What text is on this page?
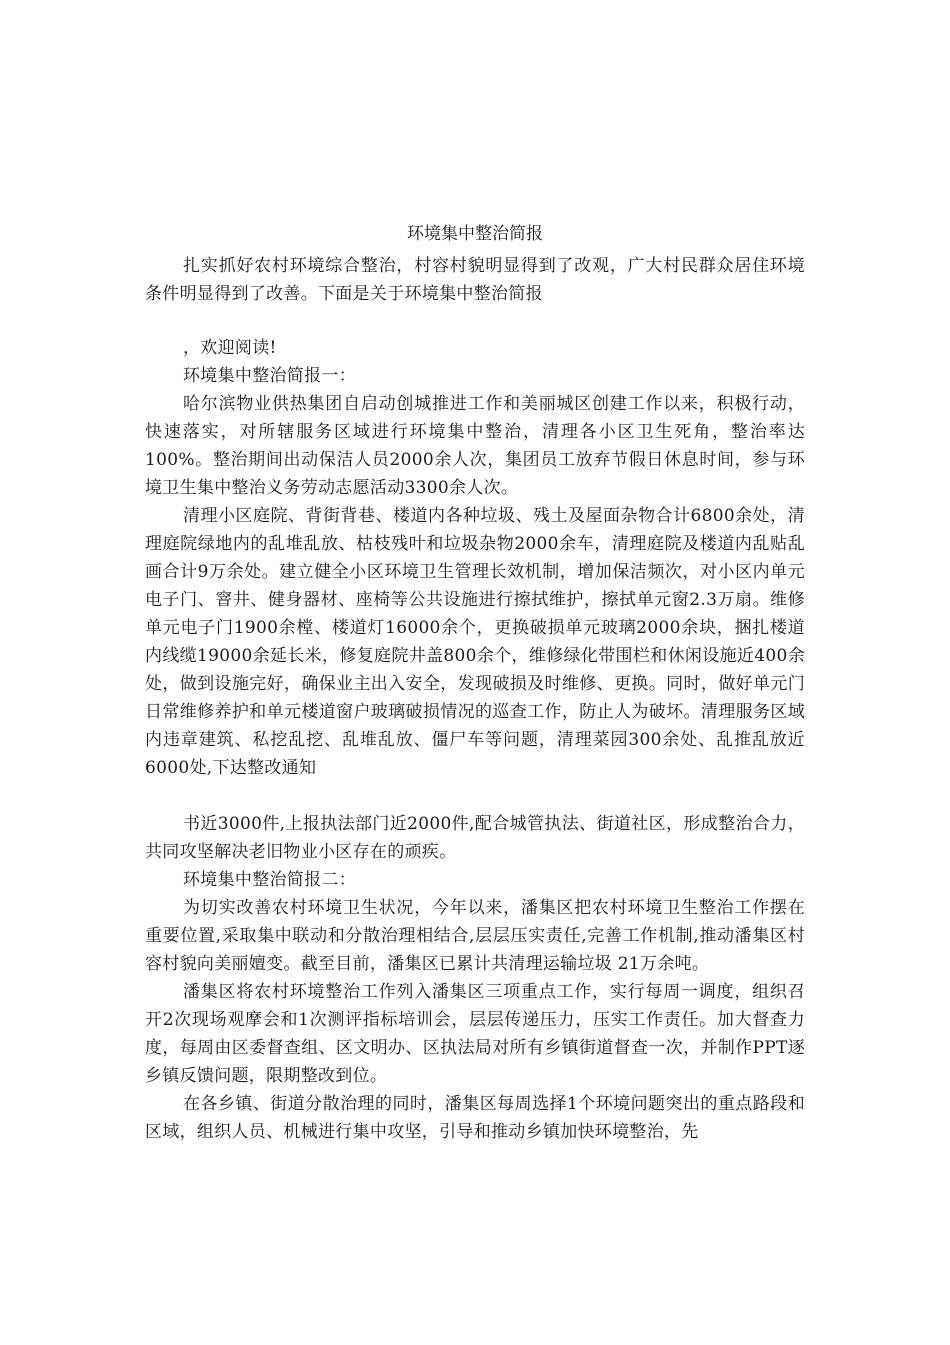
环境集中整治简报

扎实抓好农村环境综合整治，村容村貌明显得到了改观，广大村民群众居住环境条件明显得到了改善。下面是关于环境集中整治简报

，欢迎阅读!

环境集中整治简报一：

哈尔滨物业供热集团自启动创城推进工作和美丽城区创建工作以来，积极行动，快速落实，对所辖服务区域进行环境集中整治，清理各小区卫生死角，整治率达100%。整治期间出动保洁人员2000余人次，集团员工放弃节假日休息时间，参与环境卫生集中整治义务劳动志愿活动3300余人次。

清理小区庭院、背街背巷、楼道内各种垃圾、残土及屋面杂物合计6800余处，清理庭院绿地内的乱堆乱放、枯枝残叶和垃圾杂物2000余车，清理庭院及楼道内乱贴乱画合计9万余处。建立健全小区环境卫生管理长效机制，增加保洁频次，对小区内单元电子门、窨井、健身器材、座椅等公共设施进行擦拭维护，擦拭单元窗2.3万扇。维修单元电子门1900余樘、楼道灯16000余个，更换破损单元玻璃2000余块，捆扎楼道内线缆19000余延长米，修复庭院井盖800余个，维修绿化带围栏和休闲设施近400余处，做到设施完好，确保业主出入安全，发现破损及时维修、更换。同时，做好单元门日常维修养护和单元楼道窗户玻璃破损情况的巡查工作，防止人为破坏。清理服务区域内违章建筑、私挖乱挖、乱堆乱放、僵尸车等问题，清理菜园300余处、乱推乱放近6000处,下达整改通知

书近3000件,上报执法部门近2000件,配合城管执法、街道社区，形成整治合力，共同攻坚解决老旧物业小区存在的顽疾。

环境集中整治简报二：

为切实改善农村环境卫生状况，今年以来，潘集区把农村环境卫生整治工作摆在重要位置,采取集中联动和分散治理相结合,层层压实责任,完善工作机制,推动潘集区村容村貌向美丽嬗变。截至目前，潘集区已累计共清理运输垃圾 21万余吨。

潘集区将农村环境整治工作列入潘集区三项重点工作，实行每周一调度，组织召开2次现场观摩会和1次测评指标培训会，层层传递压力，压实工作责任。加大督查力度，每周由区委督查组、区文明办、区执法局对所有乡镇街道督查一次，并制作PPT逐乡镇反馈问题，限期整改到位。

在各乡镇、街道分散治理的同时，潘集区每周选择1个环境问题突出的重点路段和区域，组织人员、机械进行集中攻坚，引导和推动乡镇加快环境整治，先
